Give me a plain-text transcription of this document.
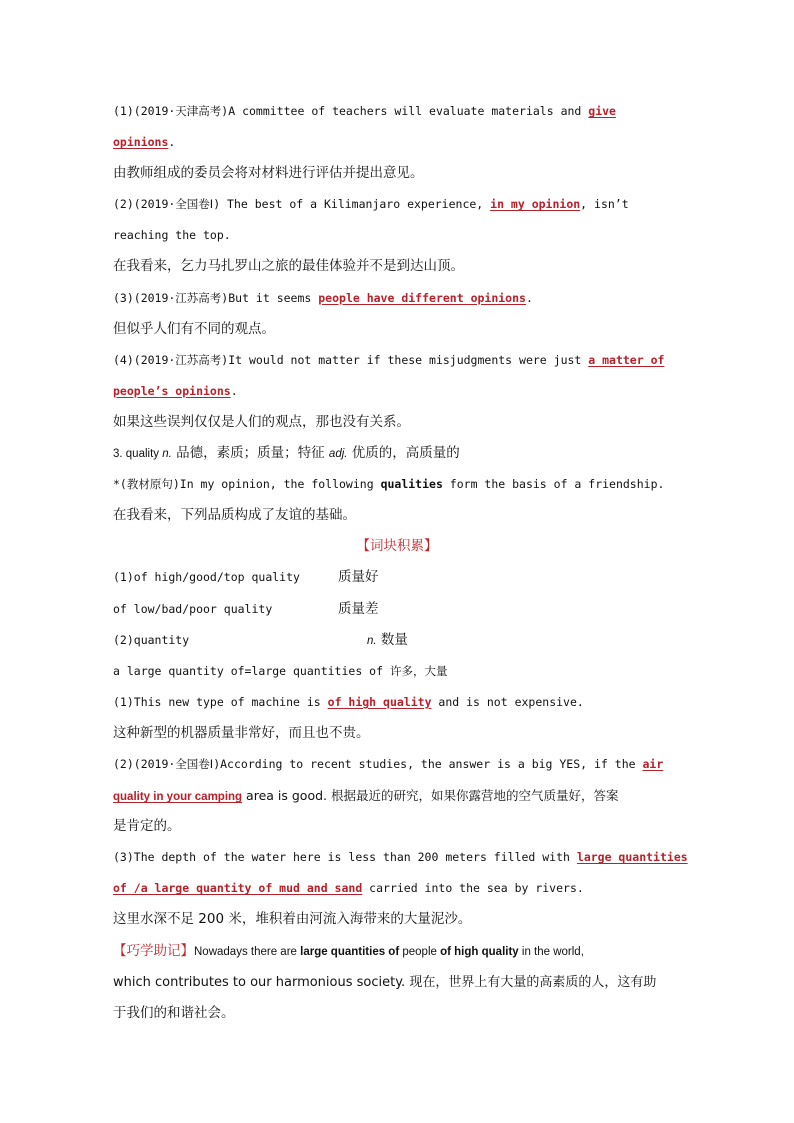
(1)(2019·天津高考)A committee of teachers will evaluate materials and give
opinions.
由教师组成的委员会将对材料进行评估并提出意见。
(2)(2019·全国卷Ⅰ) The best of a Kilimanjaro experience, in my opinion, isn’t
reaching the top.
在我看来，乞力马扎罗山之旅的最佳体验并不是到达山顶。
(3)(2019·江苏高考)But it seems people have different opinions.
但似乎人们有不同的观点。
(4)(2019·江苏高考)It would not matter if these misjudgments were just a matter of
people’s opinions.
如果这些误判仅仅是人们的观点，那也没有关系。
3. quality n. 品德，素质；质量；特征 adj. 优质的，高质量的
*(教材原句)In my opinion, the following qualities form the basis of a friendship.
在我看来，下列品质构成了友谊的基础。
【词块积累】
(1)of high/good/top quality	质量好
of low/bad/poor quality	质量差
(2)quantity	n. 数量
a large quantity of=large quantities of 许多，大量
(1)This new type of machine is of high quality and is not expensive.
这种新型的机器质量非常好，而且也不贵。
(2)(2019·全国卷Ⅰ)According to recent studies, the answer is a big YES, if the air
quality in your camping area is good. 根据最近的研究，如果你露营地的空气质量好，答案
是肯定的。
(3)The depth of the water here is less than 200 meters filled with large quantities
of /a large quantity of mud and sand carried into the sea by rivers.
这里水深不足 200 米，堆积着由河流入海带来的大量泥沙。
【巧学助记】Nowadays there are large quantities of people of high quality in the world,
which contributes to our harmonious society. 现在，世界上有大量的高素质的人，这有助
于我们的和谐社会。
